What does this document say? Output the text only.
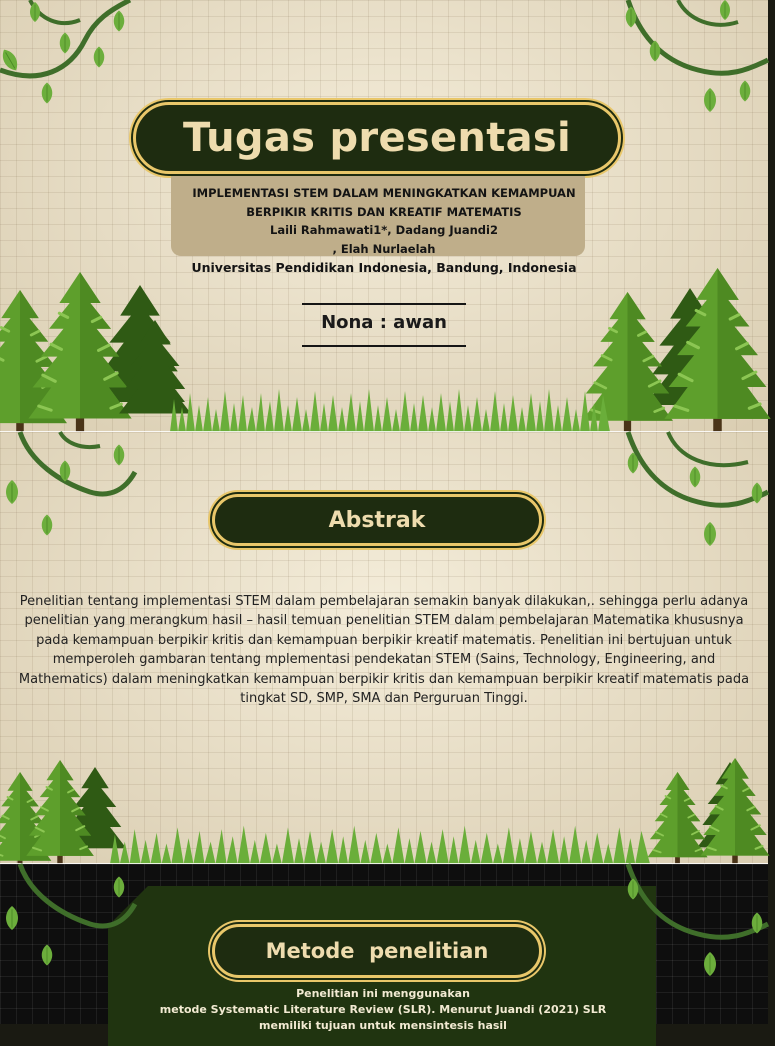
Tugas presentasi
IMPLEMENTASI STEM DALAM MENINGKATKAN KEMAMPUAN
BERPIKIR KRITIS DAN KREATIF MATEMATIS
Laili Rahmawati1*, Dadang Juandi2
, Elah Nurlaelah
Universitas Pendidikan Indonesia, Bandung, Indonesia
Nona : awan
Abstrak
Penelitian tentang implementasi STEM dalam pembelajaran semakin banyak dilakukan,. sehingga perlu adanya
penelitian yang merangkum hasil – hasil temuan penelitian STEM dalam pembelajaran Matematika khususnya
pada kemampuan berpikir kritis dan kemampuan berpikir kreatif matematis. Penelitian ini bertujuan untuk
memperoleh gambaran tentang mplementasi pendekatan STEM (Sains, Technology, Engineering, and
Mathematics) dalam meningkatkan kemampuan berpikir kritis dan kemampuan berpikir kreatif matematis pada
tingkat SD, SMP, SMA dan Perguruan Tinggi.
Metode  penelitian
Penelitian ini menggunakan
metode Systematic Literature Review (SLR). Menurut Juandi (2021) SLR
memiliki tujuan untuk mensintesis hasil
